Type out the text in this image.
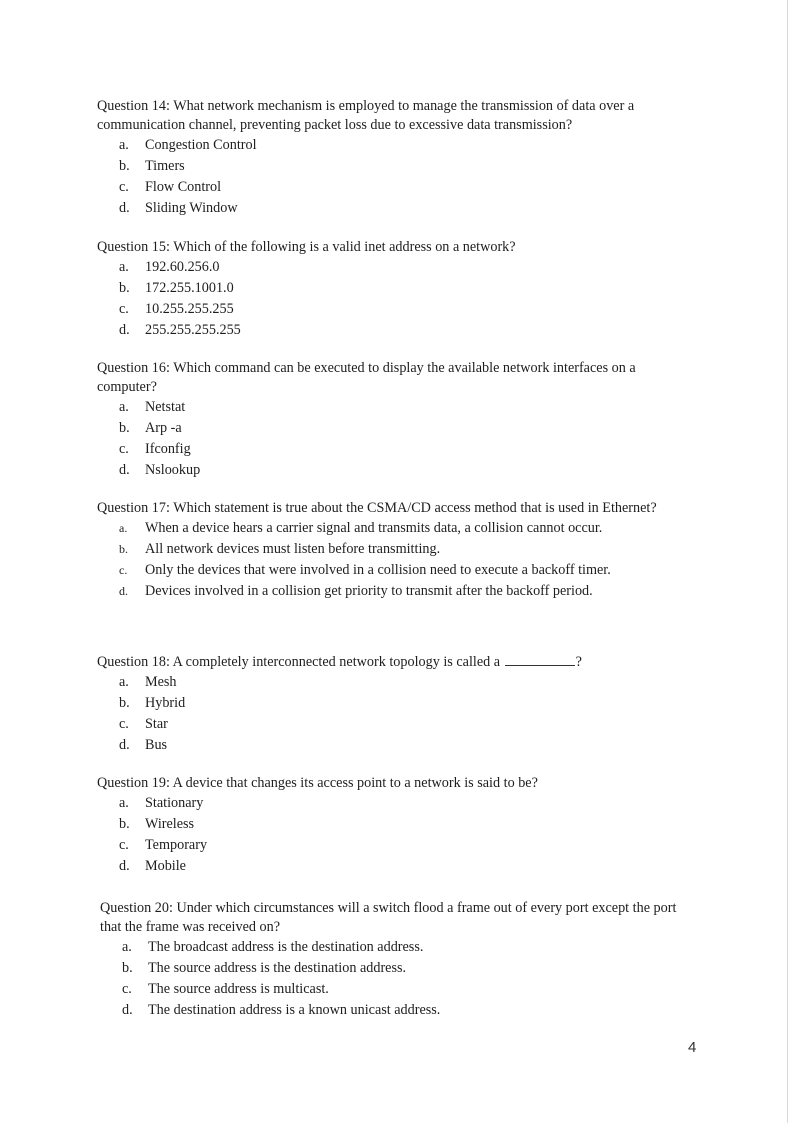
Question 14: What network mechanism is employed to manage the transmission of data over a communication channel, preventing packet loss due to excessive data transmission?

a.	Congestion Control
b.	Timers
c.	Flow Control
d.	Sliding Window

Question 15: Which of the following is a valid inet address on a network?

a.	192.60.256.0
b.	172.255.1001.0
c.	10.255.255.255
d.	255.255.255.255

Question 16: Which command can be executed to display the available network interfaces on a computer?

a.	Netstat
b.	Arp -a
c.	Ifconfig
d.	Nslookup

Question 17: Which statement is true about the CSMA/CD access method that is used in Ethernet?

a.	When a device hears a carrier signal and transmits data, a collision cannot occur.
b.	All network devices must listen before transmitting.
c.	Only the devices that were involved in a collision need to execute a backoff timer.
d.	Devices involved in a collision get priority to transmit after the backoff period.

Question 18: A completely interconnected network topology is called a	?

a.	Mesh
b.	Hybrid
c.	Star
d.	Bus

Question 19: A device that changes its access point to a network is said to be?

a.	Stationary
b.	Wireless
c.	Temporary
d.	Mobile

Question 20: Under which circumstances will a switch flood a frame out of every port except the port that the frame was received on?

a.	The broadcast address is the destination address.
b.	The source address is the destination address.
c.	The source address is multicast.
d.	The destination address is a known unicast address.
4
